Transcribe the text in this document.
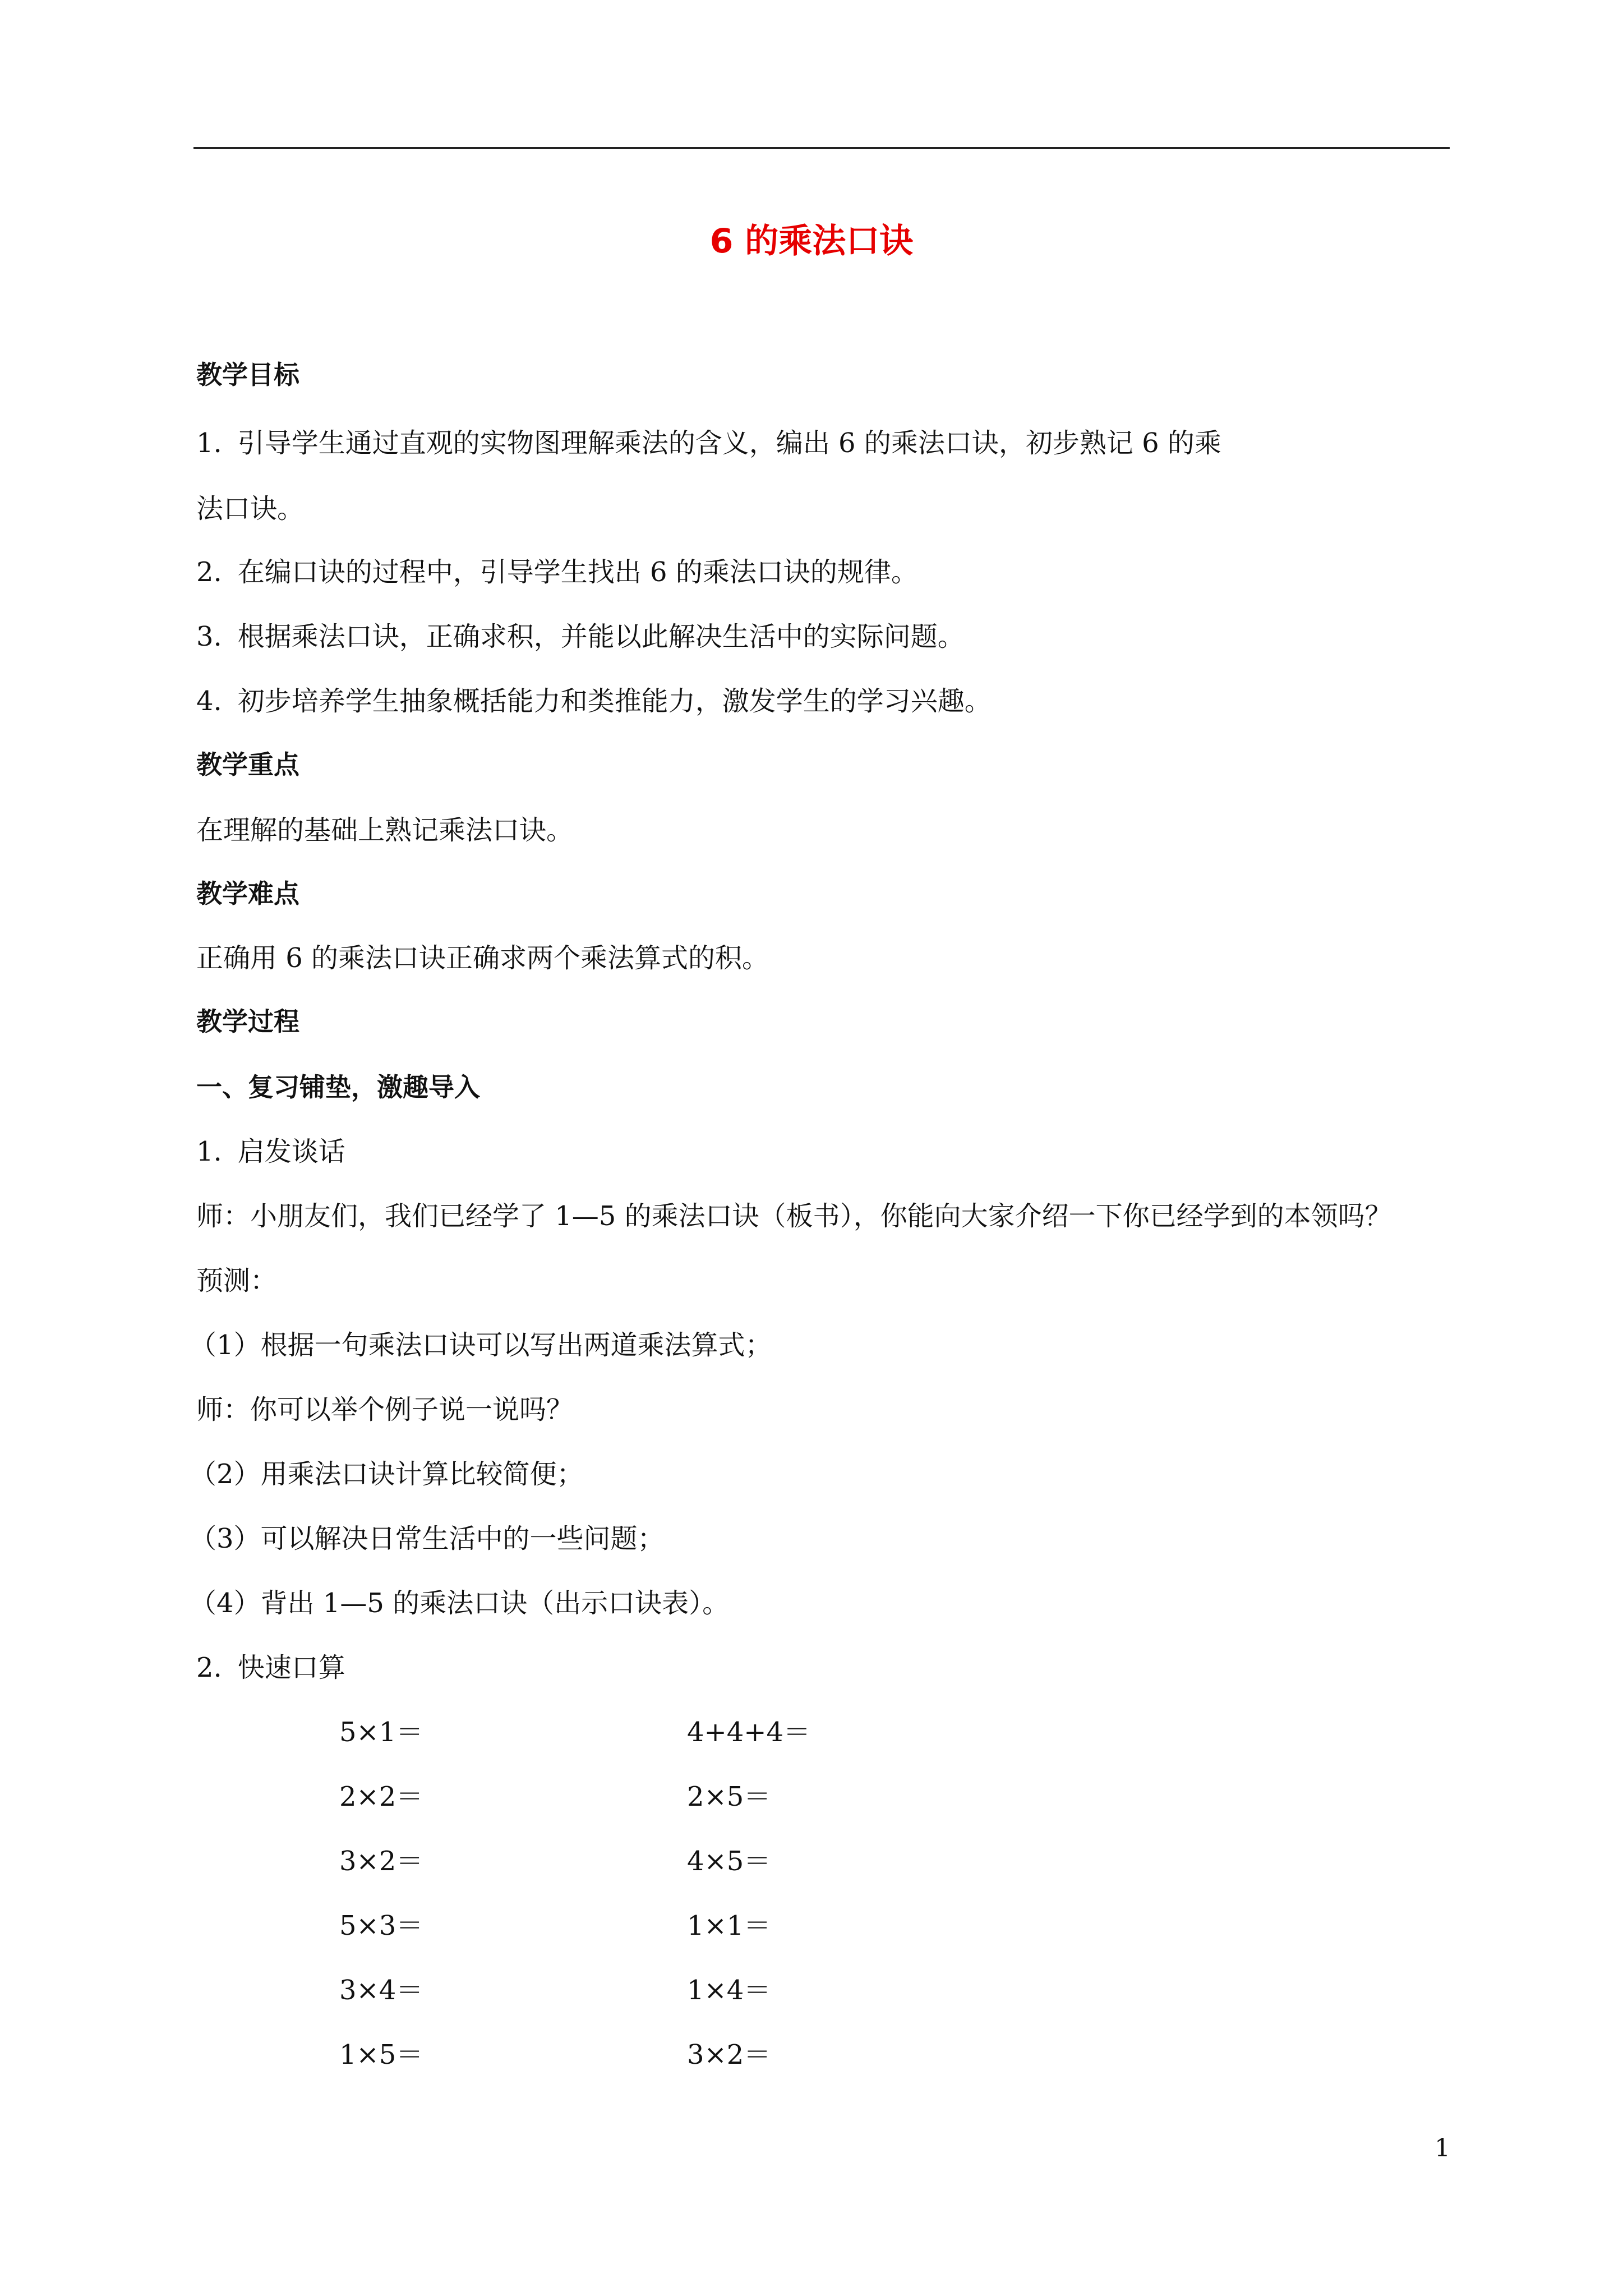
6 的乘法口诀
教学目标
1. 引导学生通过直观的实物图理解乘法的含义，编出 6 的乘法口诀，初步熟记 6 的乘
法口诀。
2. 在编口诀的过程中，引导学生找出 6 的乘法口诀的规律。
3. 根据乘法口诀，正确求积，并能以此解决生活中的实际问题。
4. 初步培养学生抽象概括能力和类推能力，激发学生的学习兴趣。
教学重点
在理解的基础上熟记乘法口诀。
教学难点
正确用 6 的乘法口诀正确求两个乘法算式的积。
教学过程
一、复习铺垫，激趣导入
1. 启发谈话
师：小朋友们，我们已经学了 1—5 的乘法口诀（板书），你能向大家介绍一下你已经学到的本领吗？
预测：
（1）根据一句乘法口诀可以写出两道乘法算式；
师：你可以举个例子说一说吗？
（2）用乘法口诀计算比较简便；
（3）可以解决日常生活中的一些问题；
（4）背出 1—5 的乘法口诀（出示口诀表）。
2. 快速口算
5×1＝	4+4+4＝
2×2＝	2×5＝
3×2＝	4×5＝
5×3＝	1×1＝
3×4＝	1×4＝
1×5＝	3×2＝
1
